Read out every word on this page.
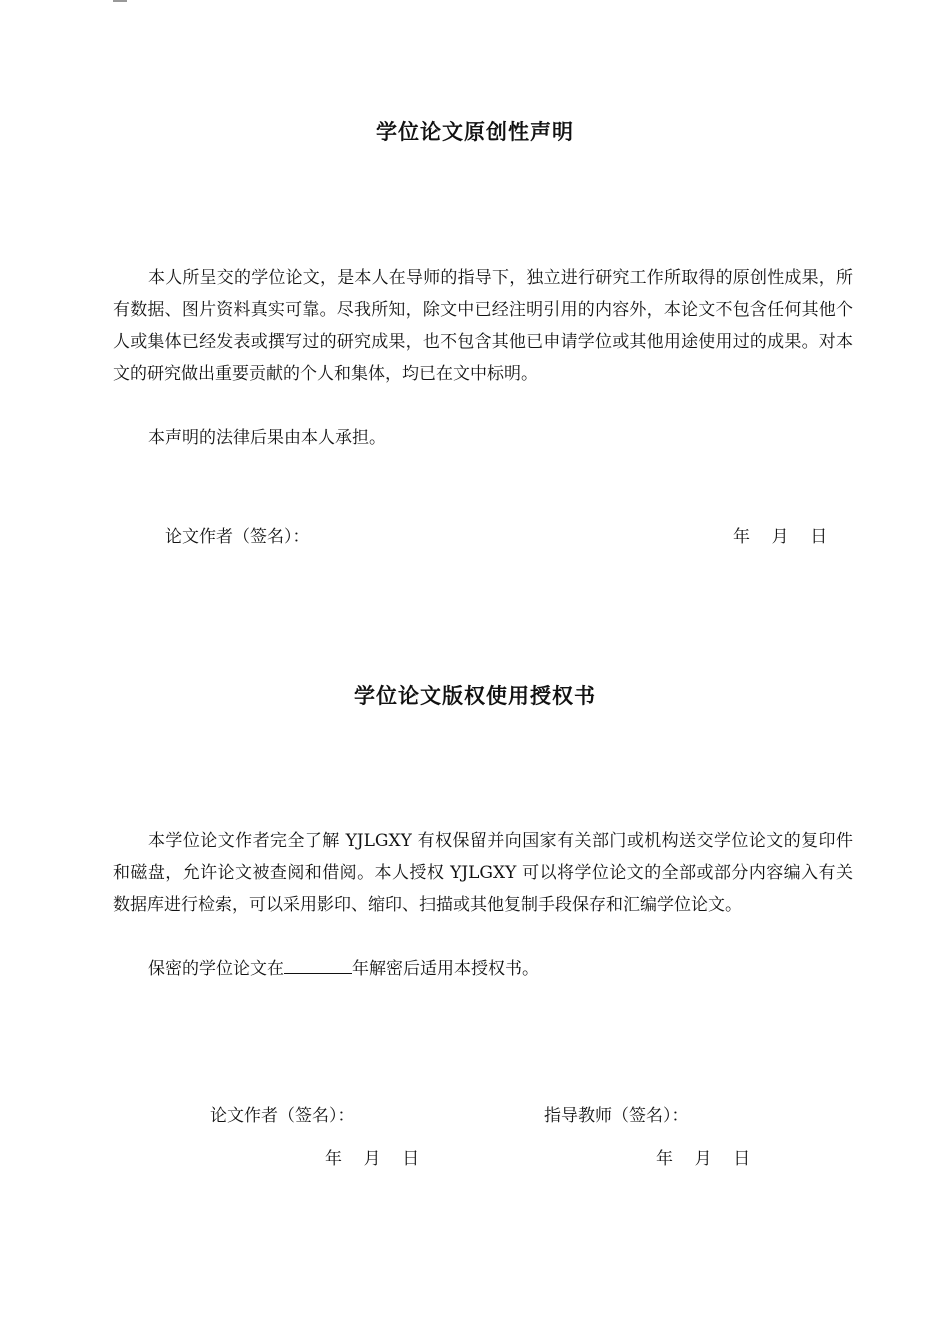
学位论文原创性声明
本人所呈交的学位论文，是本人在导师的指导下，独立进行研究工作所取得的原创性成果，所有数据、图片资料真实可靠。尽我所知，除文中已经注明引用的内容外，本论文不包含任何其他个人或集体已经发表或撰写过的研究成果，也不包含其他已申请学位或其他用途使用过的成果。对本文的研究做出重要贡献的个人和集体，均已在文中标明。
本声明的法律后果由本人承担。
论文作者（签名）：	年    月    日
学位论文版权使用授权书
本学位论文作者完全了解 YJLGXY 有权保留并向国家有关部门或机构送交学位论文的复印件和磁盘，允许论文被查阅和借阅。本人授权 YJLGXY 可以将学位论文的全部或部分内容编入有关数据库进行检索，可以采用影印、缩印、扫描或其他复制手段保存和汇编学位论文。
保密的学位论文在	年解密后适用本授权书。
论文作者（签名）：	指导教师（签名）：
年    月    日	年    月    日
